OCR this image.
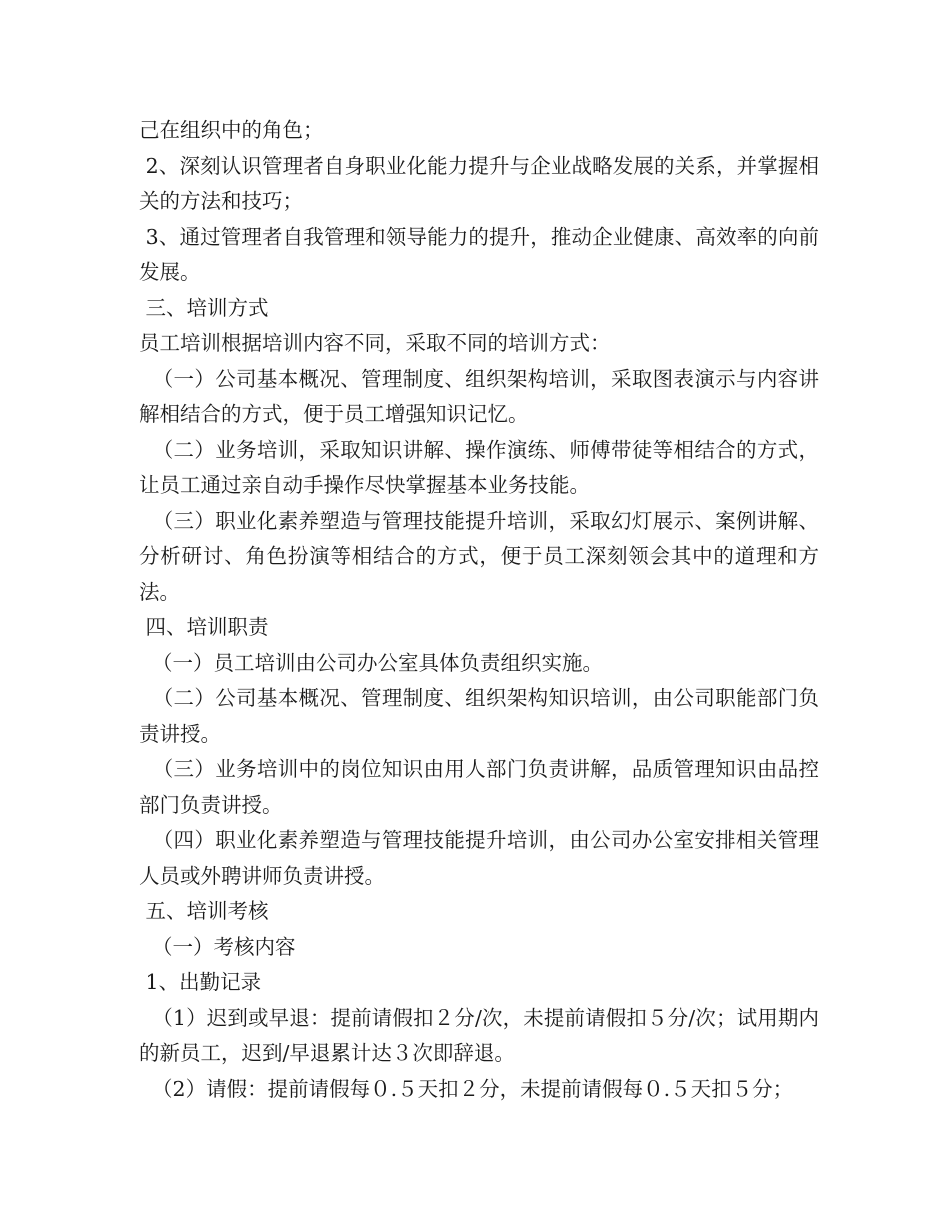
己在组织中的角色；

2、深刻认识管理者自身职业化能力提升与企业战略发展的关系，并掌握相关的方法和技巧；

3、通过管理者自我管理和领导能力的提升，推动企业健康、高效率的向前发展。

三、培训方式

员工培训根据培训内容不同，采取不同的培训方式：

（一）公司基本概况、管理制度、组织架构培训，采取图表演示与内容讲解相结合的方式，便于员工增强知识记忆。

（二）业务培训，采取知识讲解、操作演练、师傅带徒等相结合的方式，让员工通过亲自动手操作尽快掌握基本业务技能。

（三）职业化素养塑造与管理技能提升培训，采取幻灯展示、案例讲解、分析研讨、角色扮演等相结合的方式，便于员工深刻领会其中的道理和方法。

四、培训职责

（一）员工培训由公司办公室具体负责组织实施。

（二）公司基本概况、管理制度、组织架构知识培训，由公司职能部门负责讲授。

（三）业务培训中的岗位知识由用人部门负责讲解，品质管理知识由品控部门负责讲授。

（四）职业化素养塑造与管理技能提升培训，由公司办公室安排相关管理人员或外聘讲师负责讲授。

五、培训考核

（一）考核内容

1、出勤记录

（1）迟到或早退：提前请假扣２分/次，未提前请假扣５分/次；试用期内的新员工，迟到/早退累计达３次即辞退。

（2）请假：提前请假每０.５天扣２分，未提前请假每０.５天扣５分；
